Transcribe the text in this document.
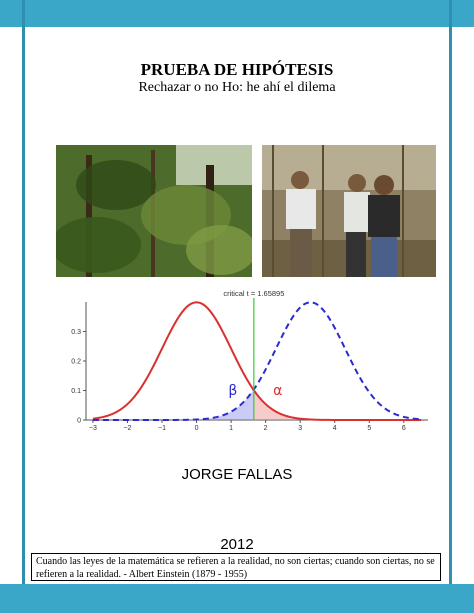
PRUEBA DE HIPÓTESIS
Rechazar o no Ho: he ahí el dilema
−3	−2	−1	0	1	2	3	4	5	6
0
0.1
0.2
0.3
critical t = 1.65895
β	α
JORGE FALLAS
2012
Cuando las leyes de la matemática se refieren a la realidad, no son ciertas; cuando son ciertas, no se refieren a la realidad. - Albert Einstein (1879 - 1955)
